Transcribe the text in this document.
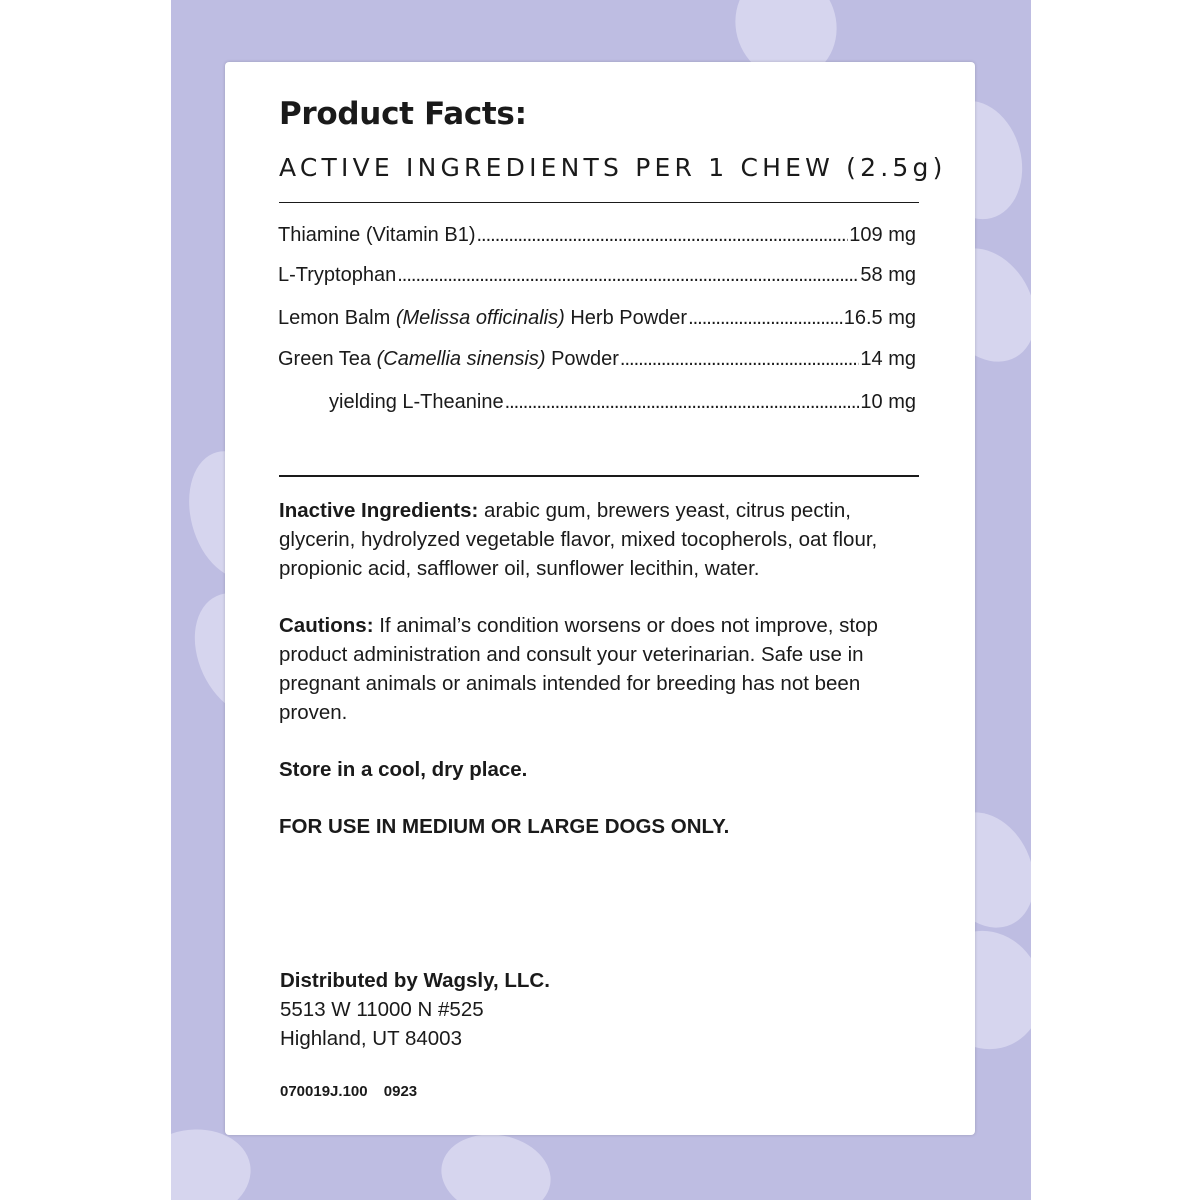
Product Facts:
ACTIVE INGREDIENTS PER 1 CHEW (2.5g)
Thiamine (Vitamin B1) .....	109 mg
L-Tryptophan .....	58 mg
Lemon Balm (Melissa officinalis) Herb Powder .....	16.5 mg
Green Tea (Camellia sinensis) Powder .....	14 mg
yielding L-Theanine .....	10 mg
Inactive Ingredients: arabic gum, brewers yeast, citrus pectin, glycerin, hydrolyzed vegetable flavor, mixed tocopherols, oat flour, propionic acid, safflower oil, sunflower lecithin, water.
Cautions: If animal’s condition worsens or does not improve, stop product administration and consult your veterinarian. Safe use in pregnant animals or animals intended for breeding has not been proven.
Store in a cool, dry place.
FOR USE IN MEDIUM OR LARGE DOGS ONLY.
Distributed by Wagsly, LLC.
5513 W 11000 N #525
Highland, UT 84003
070019J.100 0923
